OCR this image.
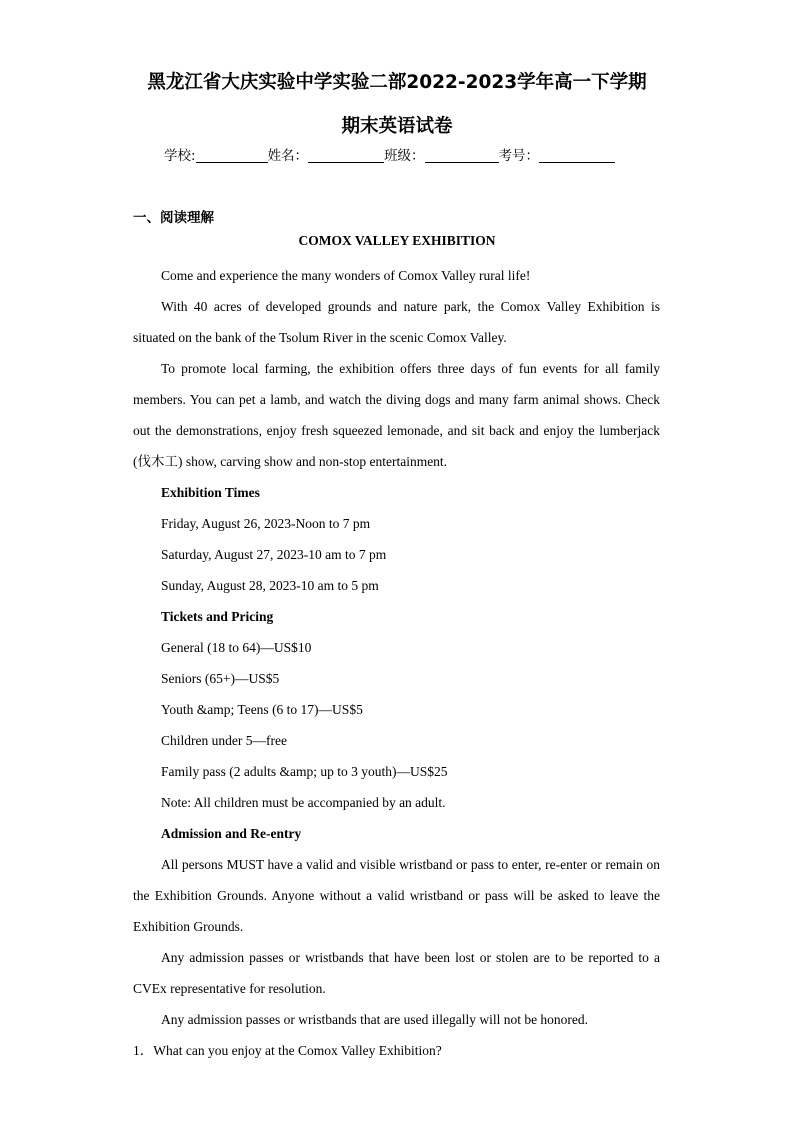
黑龙江省大庆实验中学实验二部2022-2023学年高一下学期
期末英语试卷
学校:	姓名：	班级：	考号：
一、阅读理解
COMOX VALLEY EXHIBITION

Come and experience the many wonders of Comox Valley rural life!

With 40 acres of developed grounds and nature park, the Comox Valley Exhibition is situated on the bank of the Tsolum River in the scenic Comox Valley.

To promote local farming, the exhibition offers three days of fun events for all family members. You can pet a lamb, and watch the diving dogs and many farm animal shows. Check out the demonstrations, enjoy fresh squeezed lemonade, and sit back and enjoy the lumberjack (伐木工) show, carving show and non-stop entertainment.

Exhibition Times

Friday, August 26, 2023-Noon to 7 pm

Saturday, August 27, 2023-10 am to 7 pm

Sunday, August 28, 2023-10 am to 5 pm

Tickets and Pricing

General (18 to 64)—US$10

Seniors (65+)—US$5

Youth &amp; Teens (6 to 17)—US$5

Children under 5—free

Family pass (2 adults &amp; up to 3 youth)—US$25

Note: All children must be accompanied by an adult.

Admission and Re-entry

All persons MUST have a valid and visible wristband or pass to enter, re-enter or remain on the Exhibition Grounds. Anyone without a valid wristband or pass will be asked to leave the Exhibition Grounds.

Any admission passes or wristbands that have been lost or stolen are to be reported to a CVEx representative for resolution.

Any admission passes or wristbands that are used illegally will not be honored.

1．What can you enjoy at the Comox Valley Exhibition?
